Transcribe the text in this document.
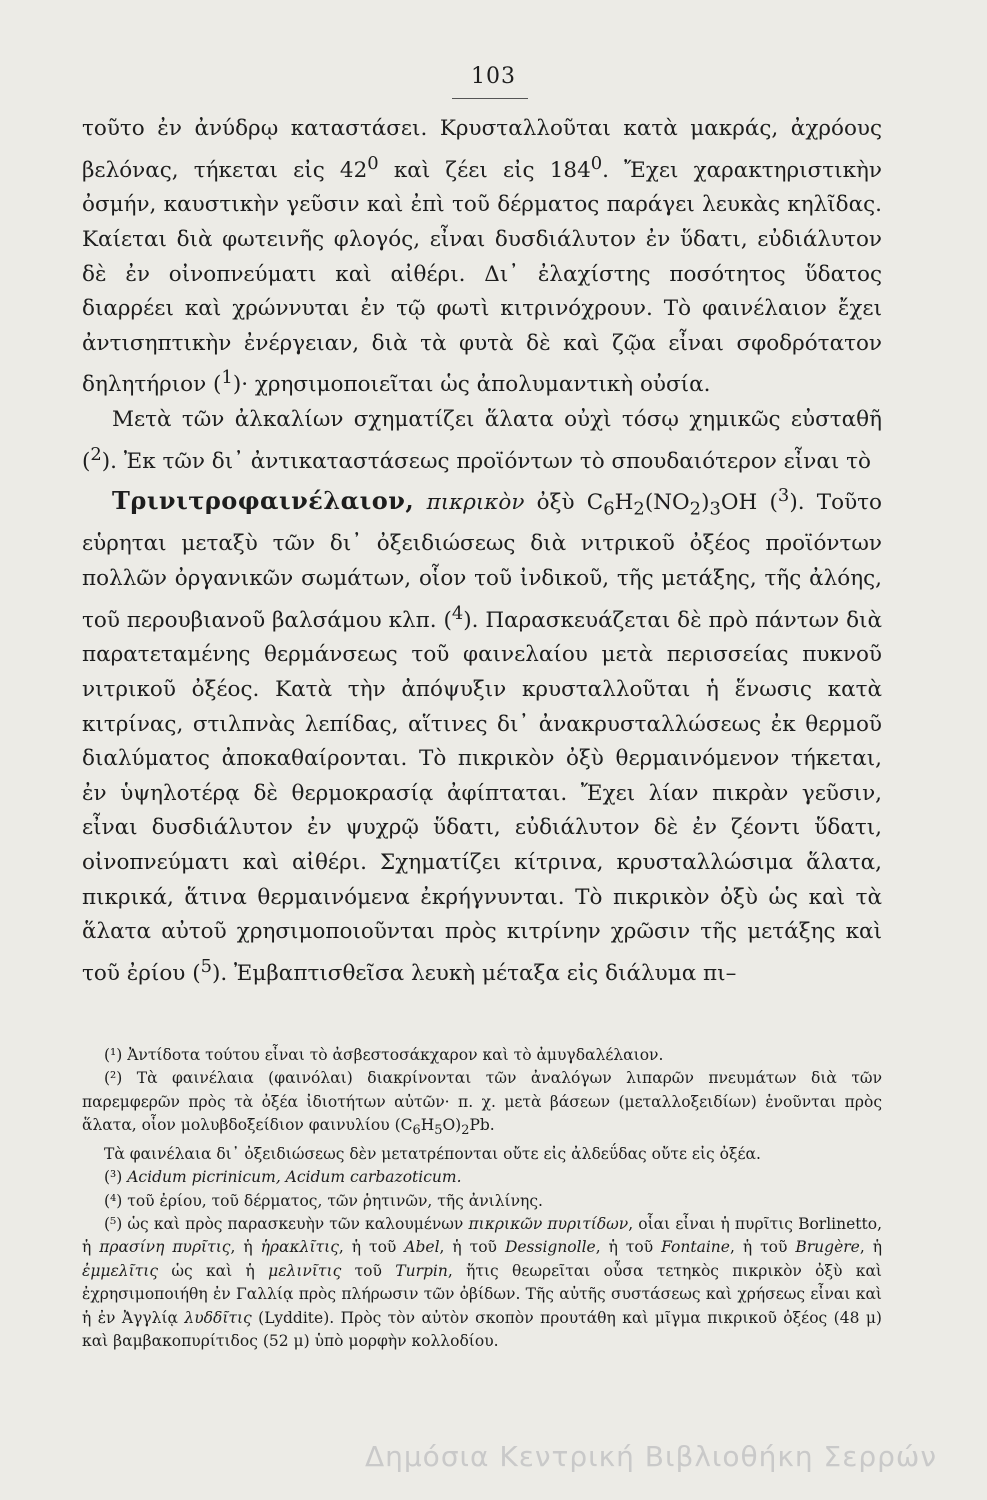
103

τοῦτο ἐν ἀνύδρῳ καταστάσει. Κρυσταλλοῦται κατὰ μακράς, ἀχρόους βελόνας, τήκεται εἰς $42^0$ καὶ ζέει εἰς $184^0$. Ἔχει χαρακτηριστικὴν ὀσμήν, καυστικὴν γεῦσιν καὶ ἐπὶ τοῦ δέρματος παράγει λευκὰς κηλῖδας. Καίεται διὰ φωτεινῆς φλογός, εἶναι δυσδιάλυτον ἐν ὕδατι, εὐδιάλυτον δὲ ἐν οἰνοπνεύματι καὶ αἰθέρι. Δι᾽ ἐλαχίστης ποσότητος ὕδατος διαρρέει καὶ χρώννυται ἐν τῷ φωτὶ κιτρινόχρουν. Τὸ φαινέλαιον ἔχει ἀντισηπτικὴν ἐνέργειαν, διὰ τὰ φυτὰ δὲ καὶ ζῷα εἶναι σφοδρότατον δηλητήριον ($^1$)· χρησιμοποιεῖται ὡς ἀπολυμαντικὴ οὐσία.

Μετὰ τῶν ἀλκαλίων σχηματίζει ἅλατα οὐχὶ τόσῳ χημικῶς εὐσταθῆ ($^2$). Ἐκ τῶν δι᾽ ἀντικαταστάσεως προϊόντων τὸ σπουδαιότερον εἶναι τὸ

Τρινιτροφαινέλαιον, πικρικὸν ὀξὺ $C_6H_2(NO_2)_3OH$ ($^3$). Τοῦτο εὑρηται μεταξὺ τῶν δι᾽ ὀξειδιώσεως διὰ νιτρικοῦ ὀξέος προϊόντων πολλῶν ὀργανικῶν σωμάτων, οἷον τοῦ ἰνδικοῦ, τῆς μετάξης, τῆς ἀλόης, τοῦ περουβιανοῦ βαλσάμου κλπ. ($^4$). Παρασκευάζεται δὲ πρὸ πάντων διὰ παρατεταμένης θερμάνσεως τοῦ φαινελαίου μετὰ περισσείας πυκνοῦ νιτρικοῦ ὀξέος. Κατὰ τὴν ἀπόψυξιν κρυσταλλοῦται ἡ ἕνωσις κατὰ κιτρίνας, στιλπνὰς λεπίδας, αἵτινες δι᾽ ἀνακρυσταλλώσεως ἐκ θερμοῦ διαλύματος ἀποκαθαίρονται. Τὸ πικρικὸν ὀξὺ θερμαινόμενον τήκεται, ἐν ὑψηλοτέρᾳ δὲ θερμοκρασίᾳ ἀφίπταται. Ἔχει λίαν πικρὰν γεῦσιν, εἶναι δυσδιάλυτον ἐν ψυχρῷ ὕδατι, εὐδιάλυτον δὲ ἐν ζέοντι ὕδατι, οἰνοπνεύματι καὶ αἰθέρι. Σχηματίζει κίτρινα, κρυσταλλώσιμα ἅλατα, πικρικά, ἅτινα θερμαινόμενα ἐκρήγνυνται. Τὸ πικρικὸν ὀξὺ ὡς καὶ τὰ ἅλατα αὐτοῦ χρησιμοποιοῦνται πρὸς κιτρίνην χρῶσιν τῆς μετάξης καὶ τοῦ ἐρίου ($^5$). Ἐμβαπτισθεῖσα λευκὴ μέταξα εἰς διάλυμα πι–

(¹) Ἀντίδοτα τούτου εἶναι τὸ ἀσβεστοσάκχαρον καὶ τὸ ἀμυγδαλέλαιον.

(²) Τὰ φαινέλαια (φαινόλαι) διακρίνονται τῶν ἀναλόγων λιπαρῶν πνευμάτων διὰ τῶν παρεμφερῶν πρὸς τὰ ὀξέα ἰδιοτήτων αὐτῶν· π. χ. μετὰ βάσεων (μεταλλοξειδίων) ἑνοῦνται πρὸς ἅλατα, οἷον μολυβδοξείδιον φαινυλίου $(C_6H_5O)_2Pb$.

Τὰ φαινέλαια δι᾽ ὀξειδιώσεως δὲν μετατρέπονται οὔτε εἰς ἀλδεΰδας οὔτε εἰς ὀξέα.

(³) Acidum picrinicum, Acidum carbazoticum.

(⁴) τοῦ ἐρίου, τοῦ δέρματος, τῶν ῥητινῶν, τῆς ἀνιλίνης.

(⁵) ὡς καὶ πρὸς παρασκευὴν τῶν καλουμένων πικρικῶν πυριτίδων, οἷαι εἶναι ἡ πυρῖτις Borlinetto, ἡ πρασίνη πυρῖτις, ἡ ἡρακλῖτις, ἡ τοῦ Abel, ἡ τοῦ Dessignolle, ἡ τοῦ Fontaine, ἡ τοῦ Brugère, ἡ ἐμμελῖτις ὡς καὶ ἡ μελινῖτις τοῦ Turpin, ἥτις θεωρεῖται οὖσα τετηκὸς πικρικὸν ὀξὺ καὶ ἐχρησιμοποιήθη ἐν Γαλλίᾳ πρὸς πλήρωσιν τῶν ὀβίδων. Τῆς αὐτῆς συστάσεως καὶ χρήσεως εἶναι καὶ ἡ ἐν Ἀγγλίᾳ λυδδῖτις (Lyddite). Πρὸς τὸν αὐτὸν σκοπὸν προυτάθη καὶ μῖγμα πικρικοῦ ὀξέος (48 μ) καὶ βαμβακοπυρίτιδος (52 μ) ὑπὸ μορφὴν κολλοδίου.

Δημόσια Κεντρική Βιβλιοθήκη Σερρών
